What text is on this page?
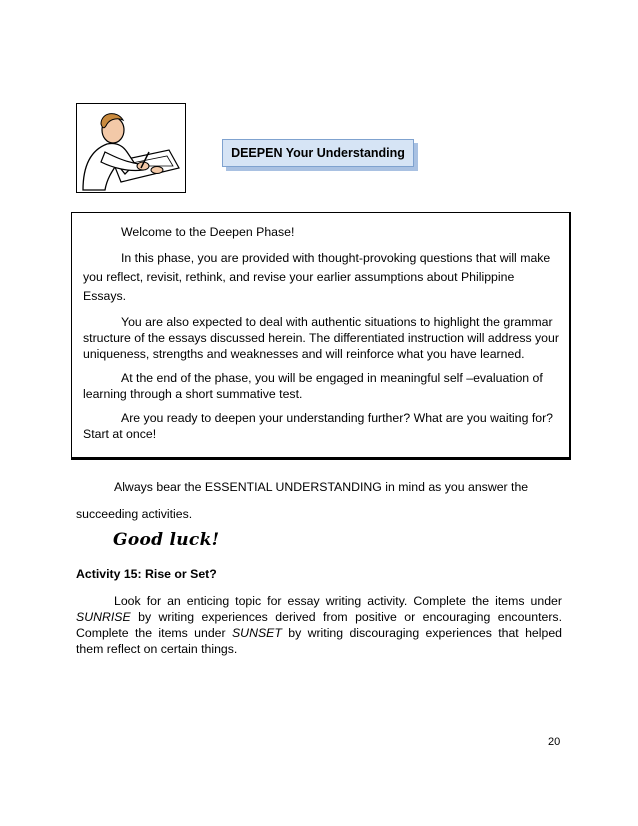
DEEPEN Your Understanding

Welcome to the Deepen Phase!

In this phase, you are provided with thought-provoking questions that will make you reflect, revisit, rethink, and revise your earlier assumptions about Philippine Essays.

You are also expected to deal with authentic situations to highlight the grammar structure of the essays discussed herein. The differentiated instruction will address your uniqueness, strengths and weaknesses and will reinforce what you have learned.

At the end of the phase, you will be engaged in meaningful self –evaluation of learning through a short summative test.

Are you ready to deepen your understanding further? What are you waiting for? Start at once!

Always bear the ESSENTIAL UNDERSTANDING in mind as you answer the succeeding activities.

Good luck!

Activity 15: Rise or Set?

Look for an enticing topic for essay writing activity. Complete the items under SUNRISE by writing experiences derived from positive or encouraging encounters. Complete the items under SUNSET by writing discouraging experiences that helped them reflect on certain things.

20
